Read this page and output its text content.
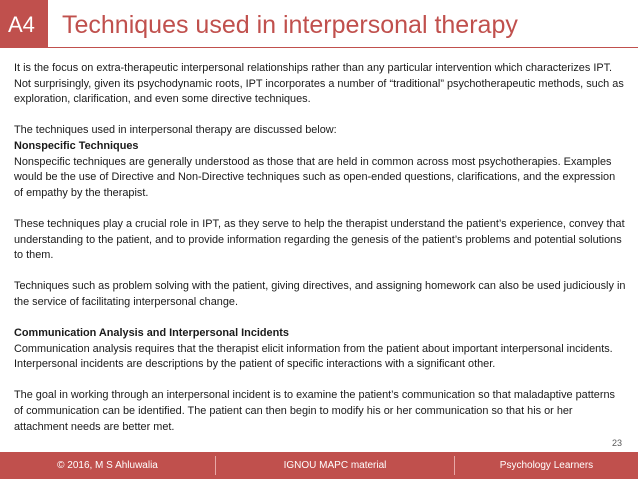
A4 Techniques used in interpersonal therapy

It is the focus on extra-therapeutic interpersonal relationships rather than any particular intervention which characterizes IPT. Not surprisingly, given its psychodynamic roots, IPT incorporates a number of “traditional” psychotherapeutic methods, such as exploration, clarification, and even some directive techniques.

The techniques used in interpersonal therapy are discussed below:

Nonspecific Techniques

Nonspecific techniques are generally understood as those that are held in common across most psychotherapies. Examples would be the use of Directive and Non-Directive techniques such as open-ended questions, clarifications, and the expression of empathy by the therapist.

These techniques play a crucial role in IPT, as they serve to help the therapist understand the patient’s experience, convey that understanding to the patient, and to provide information regarding the genesis of the patient’s problems and potential solutions to them.

Techniques such as problem solving with the patient, giving directives, and assigning homework can also be used judiciously in the service of facilitating interpersonal change.

Communication Analysis and Interpersonal Incidents

Communication analysis requires that the therapist elicit information from the patient about important interpersonal incidents. Interpersonal incidents are descriptions by the patient of specific interactions with a significant other.

The goal in working through an interpersonal incident is to examine the patient’s communication so that maladaptive patterns of communication can be identified. The patient can then begin to modify his or her communication so that his or her attachment needs are better met.

23
© 2016, M S Ahluwalia	IGNOU MAPC material	Psychology Learners
